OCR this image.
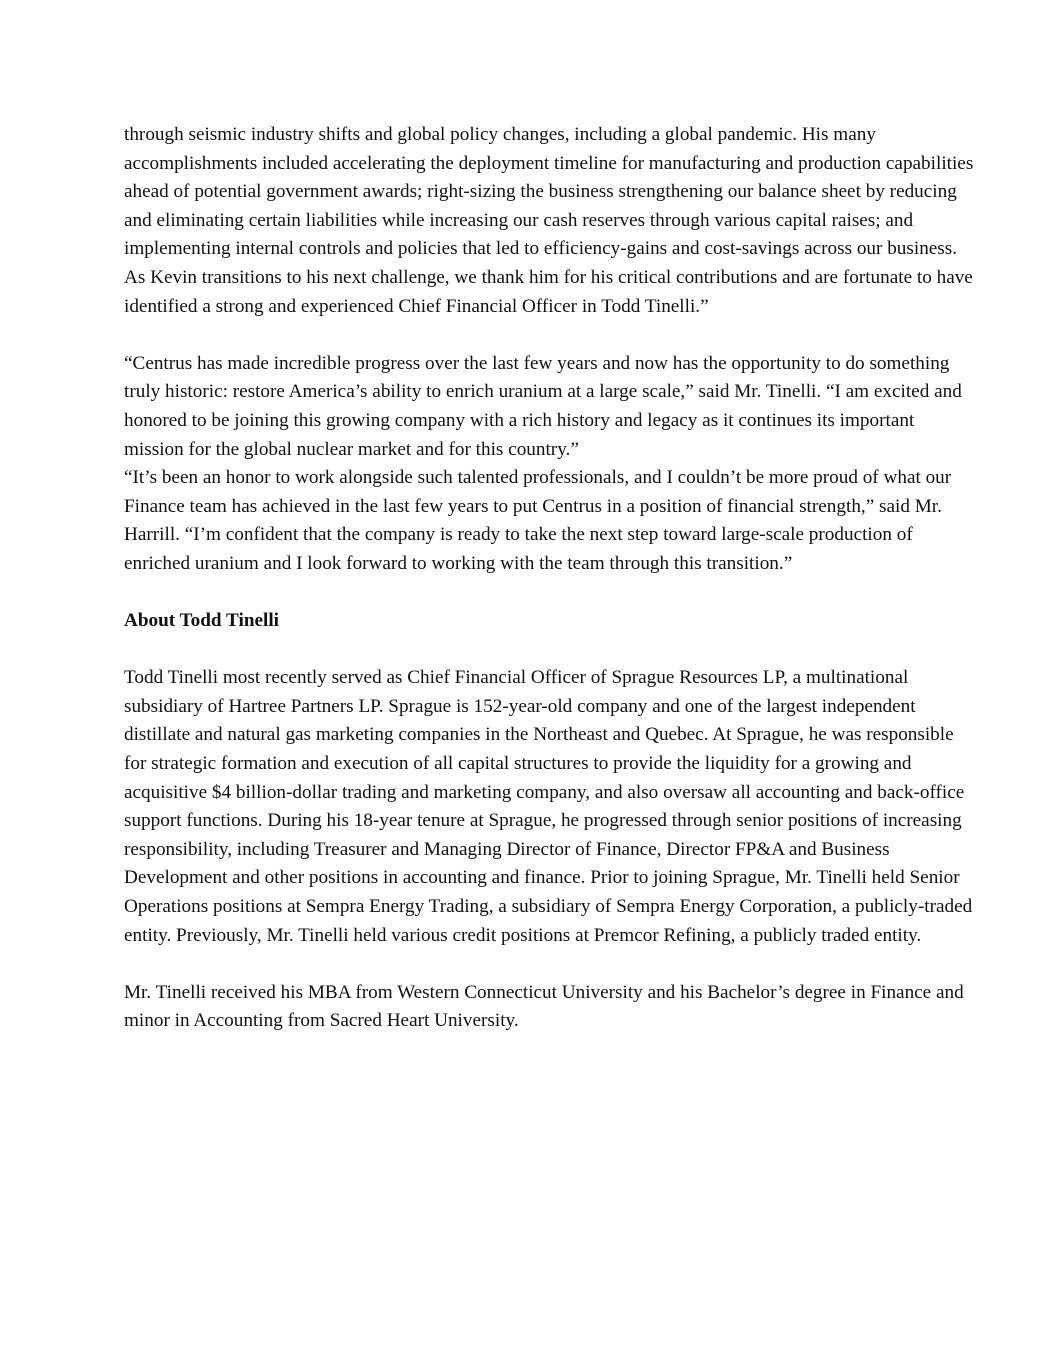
through seismic industry shifts and global policy changes, including a global pandemic. His many accomplishments included accelerating the deployment timeline for manufacturing and production capabilities ahead of potential government awards; right-sizing the business strengthening our balance sheet by reducing and eliminating certain liabilities while increasing our cash reserves through various capital raises; and implementing internal controls and policies that led to efficiency-gains and cost-savings across our business. As Kevin transitions to his next challenge, we thank him for his critical contributions and are fortunate to have identified a strong and experienced Chief Financial Officer in Todd Tinelli.”

“Centrus has made incredible progress over the last few years and now has the opportunity to do something truly historic: restore America’s ability to enrich uranium at a large scale,” said Mr. Tinelli. “I am excited and honored to be joining this growing company with a rich history and legacy as it continues its important mission for the global nuclear market and for this country.”

“It’s been an honor to work alongside such talented professionals, and I couldn’t be more proud of what our Finance team has achieved in the last few years to put Centrus in a position of financial strength,” said Mr. Harrill. “I’m confident that the company is ready to take the next step toward large-scale production of enriched uranium and I look forward to working with the team through this transition.”

About Todd Tinelli

Todd Tinelli most recently served as Chief Financial Officer of Sprague Resources LP, a multinational subsidiary of Hartree Partners LP. Sprague is 152-year-old company and one of the largest independent distillate and natural gas marketing companies in the Northeast and Quebec. At Sprague, he was responsible for strategic formation and execution of all capital structures to provide the liquidity for a growing and acquisitive $4 billion-dollar trading and marketing company, and also oversaw all accounting and back-office support functions. During his 18-year tenure at Sprague, he progressed through senior positions of increasing responsibility, including Treasurer and Managing Director of Finance, Director FP&A and Business Development and other positions in accounting and finance. Prior to joining Sprague, Mr. Tinelli held Senior Operations positions at Sempra Energy Trading, a subsidiary of Sempra Energy Corporation, a publicly-traded entity. Previously, Mr. Tinelli held various credit positions at Premcor Refining, a publicly traded entity.

Mr. Tinelli received his MBA from Western Connecticut University and his Bachelor’s degree in Finance and minor in Accounting from Sacred Heart University.
